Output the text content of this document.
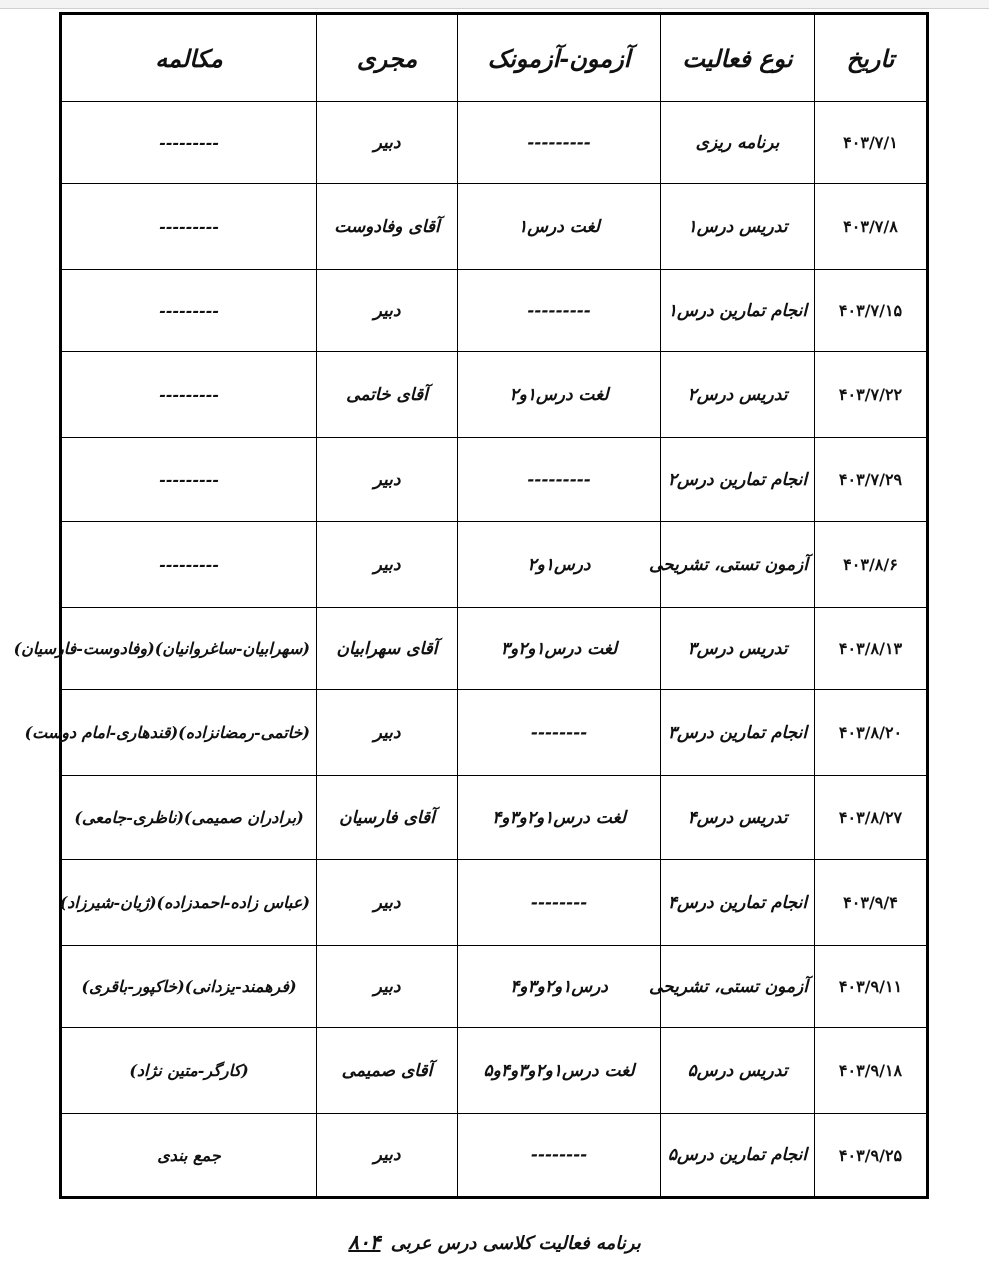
تاریخ	نوع فعالیت	آزمون-آزمونک	مجری	مکالمه
۴۰۳/۷/۱	برنامه ریزی	---------	دبیر	---------
۴۰۳/۷/۸	تدریس درس۱	لغت درس۱	آقای وفادوست	---------
۴۰۳/۷/۱۵	انجام تمارین درس۱	---------	دبیر	---------
۴۰۳/۷/۲۲	تدریس درس۲	لغت درس۱و۲	آقای خاتمی	---------
۴۰۳/۷/۲۹	انجام تمارین درس۲	---------	دبیر	---------
۴۰۳/۸/۶	آزمون تستی، تشریحی	درس۱و۲	دبیر	---------
۴۰۳/۸/۱۳	تدریس درس۳	لغت درس۱و۲و۳	آقای سهرابیان	(سهرابیان-ساغروانیان)(وفادوست-فارسیان)
۴۰۳/۸/۲۰	انجام تمارین درس۳	--------	دبیر	(خاتمی-رمضانزاده)(قندهاری-امام دوست)
۴۰۳/۸/۲۷	تدریس درس۴	لغت درس۱و۲و۳و۴	آقای فارسیان	(برادران صمیمی)(ناظری-جامعی)
۴۰۳/۹/۴	انجام تمارین درس۴	--------	دبیر	(عباس زاده-احمدزاده)(ژیان-شیرزاد)
۴۰۳/۹/۱۱	آزمون تستی، تشریحی	درس۱و۲و۳و۴	دبیر	(فرهمند-یزدانی)(خاکپور-باقری)
۴۰۳/۹/۱۸	تدریس درس۵	لغت درس۱و۲و۳و۴و۵	آقای صمیمی	(کارگر-متین نژاد)
۴۰۳/۹/۲۵	انجام تمارین درس۵	--------	دبیر	جمع بندی
برنامه فعالیت کلاسی درس عربی ۸۰۴
